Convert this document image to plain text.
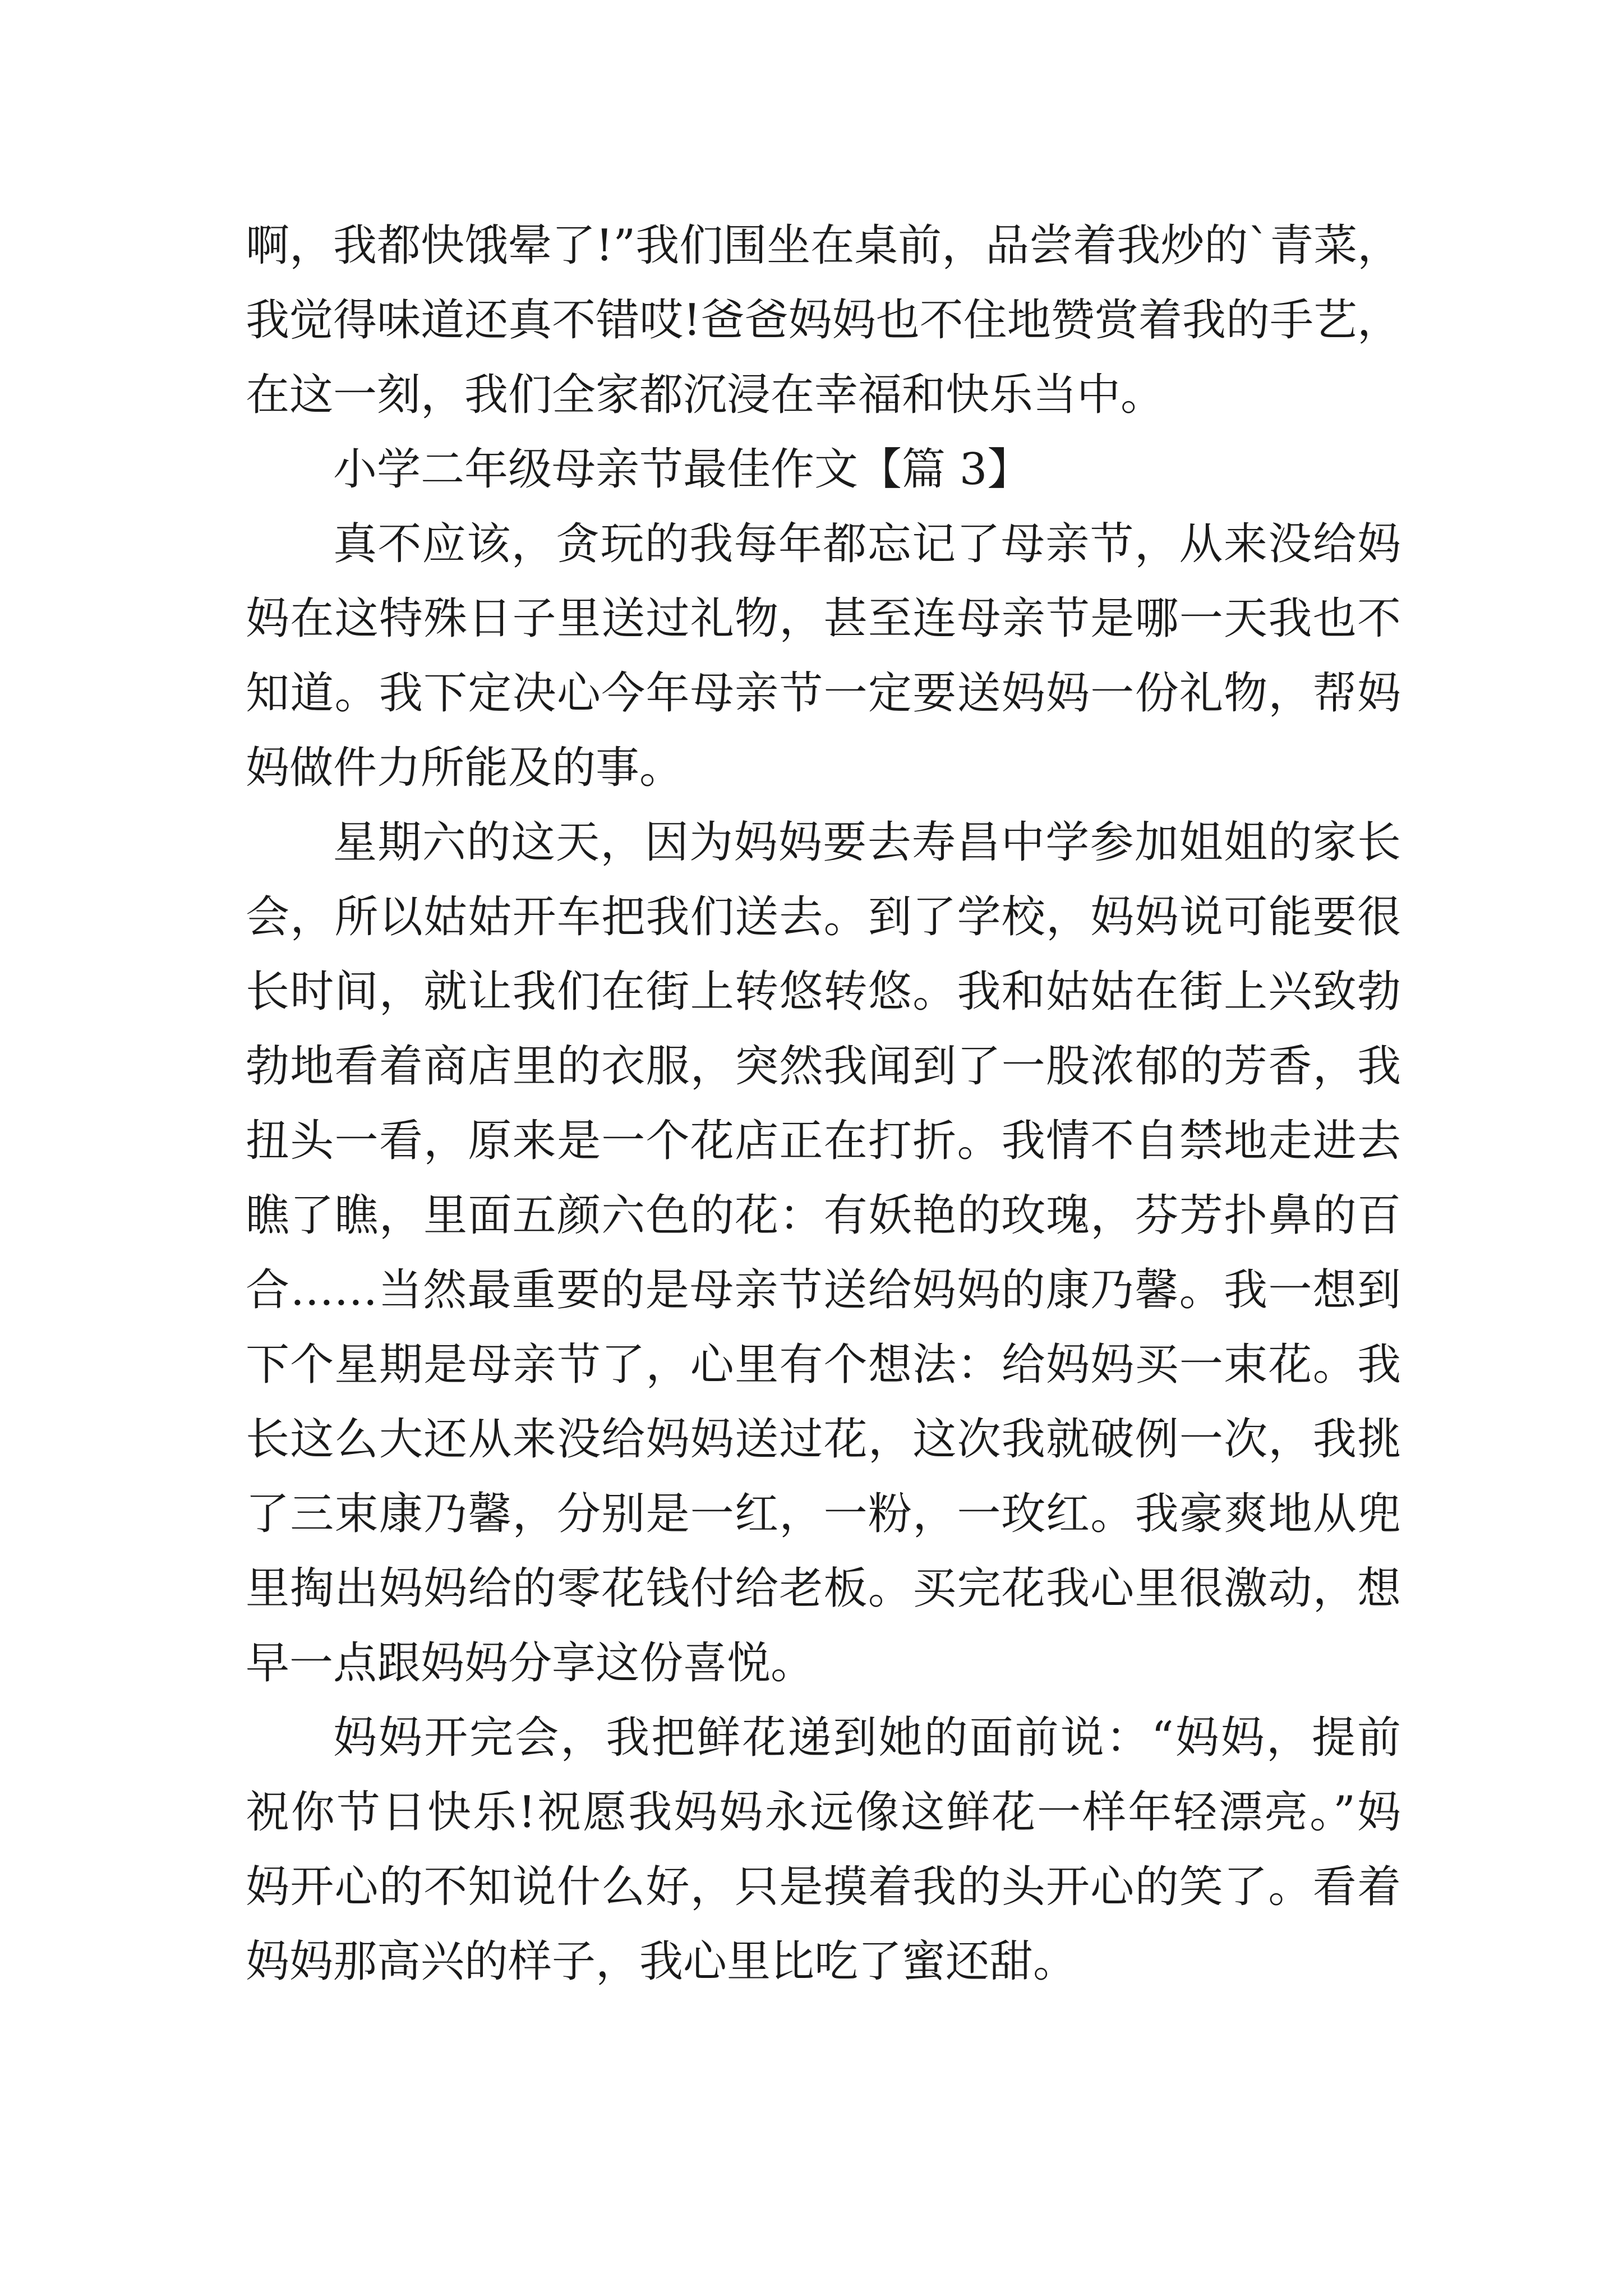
啊，我都快饿晕了!”我们围坐在桌前，品尝着我炒的`青菜，
我觉得味道还真不错哎!爸爸妈妈也不住地赞赏着我的手艺，
在这一刻，我们全家都沉浸在幸福和快乐当中。
小学二年级母亲节最佳作文【篇 3】
真不应该，贪玩的我每年都忘记了母亲节，从来没给妈
妈在这特殊日子里送过礼物，甚至连母亲节是哪一天我也不
知道。我下定决心今年母亲节一定要送妈妈一份礼物，帮妈
妈做件力所能及的事。
星期六的这天，因为妈妈要去寿昌中学参加姐姐的家长
会，所以姑姑开车把我们送去。到了学校，妈妈说可能要很
长时间，就让我们在街上转悠转悠。我和姑姑在街上兴致勃
勃地看着商店里的衣服，突然我闻到了一股浓郁的芳香，我
扭头一看，原来是一个花店正在打折。我情不自禁地走进去
瞧了瞧，里面五颜六色的花：有妖艳的玫瑰，芬芳扑鼻的百
合……当然最重要的是母亲节送给妈妈的康乃馨。我一想到
下个星期是母亲节了，心里有个想法：给妈妈买一束花。我
长这么大还从来没给妈妈送过花，这次我就破例一次，我挑
了三束康乃馨，分别是一红，一粉，一玫红。我豪爽地从兜
里掏出妈妈给的零花钱付给老板。买完花我心里很激动，想
早一点跟妈妈分享这份喜悦。
妈妈开完会，我把鲜花递到她的面前说：“妈妈，提前
祝你节日快乐!祝愿我妈妈永远像这鲜花一样年轻漂亮。”妈
妈开心的不知说什么好，只是摸着我的头开心的笑了。看着
妈妈那高兴的样子，我心里比吃了蜜还甜。
